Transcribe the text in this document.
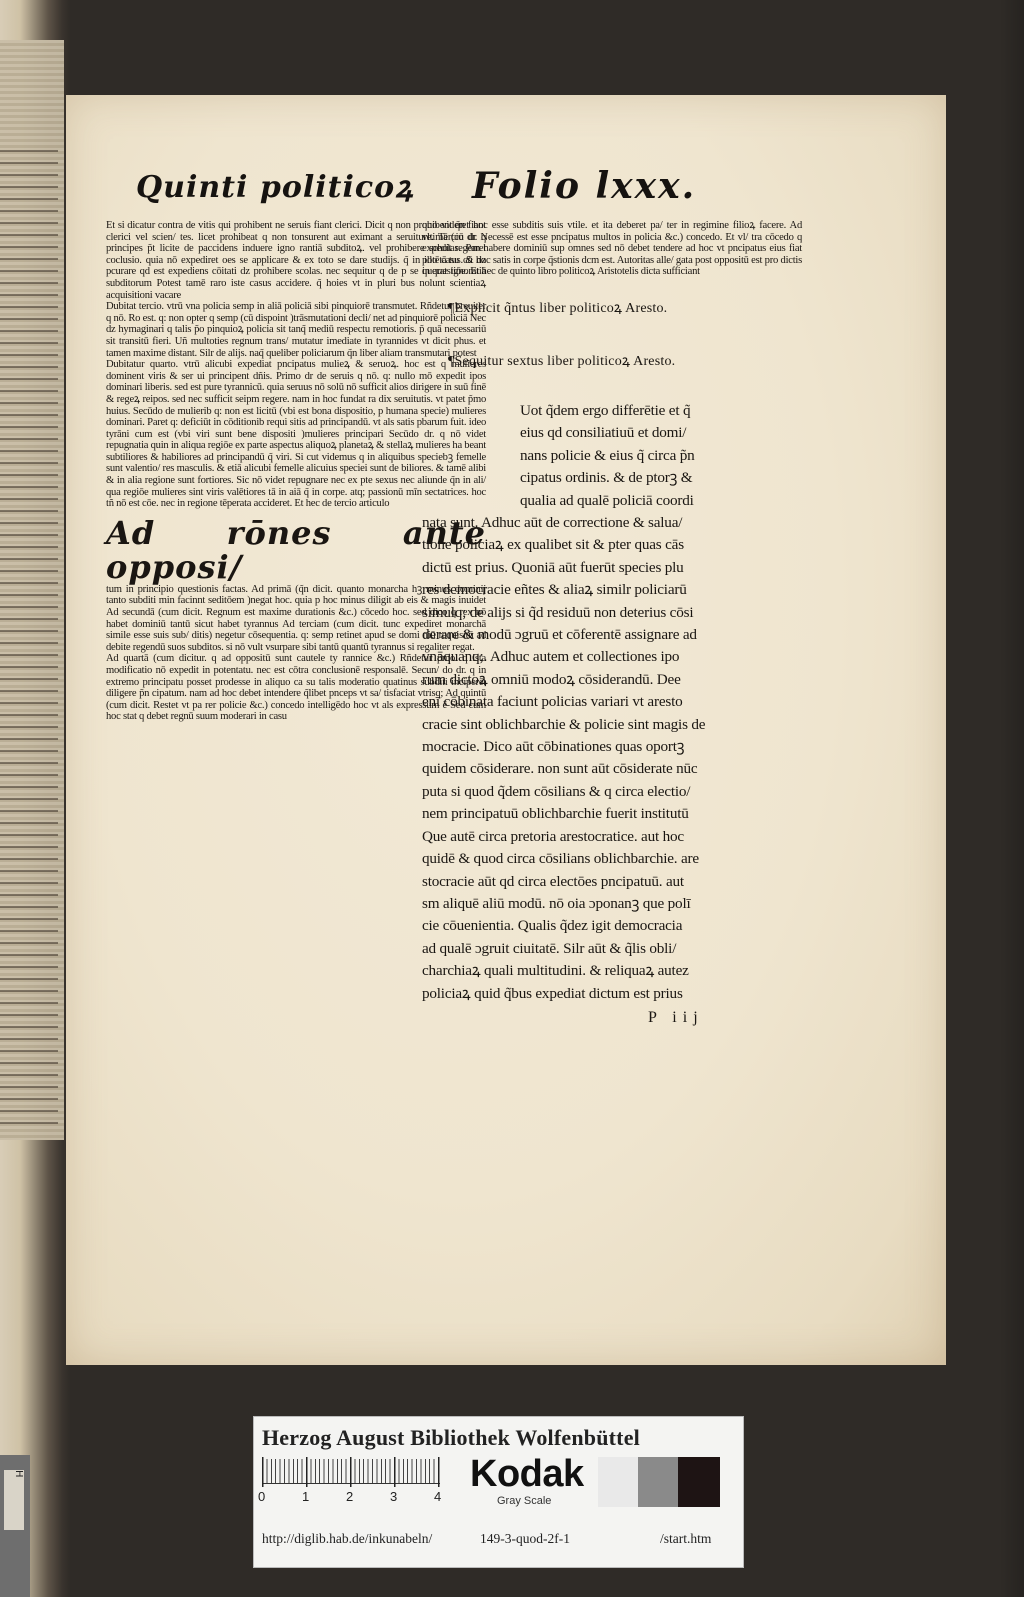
H
Quinti politicoꝝ Folio lxxx.

Et si dicatur contra de vitis qui prohibent ne seruis fiant clerici. Dicit q non prohibent q̃n fiant clerici vel scien/ tes. licet prohibeat q non tonsurent aut eximant a seruiture. Tercio dr q principes p̃t licite de paccidens induere igno rantiā subditoꝝ. vel prohibere scholas. Paret coclusio. quia nō expediret oes se applicare & ex toto se dare studijs. q̃ in illo casu cū dz pcurare qd est expediens cōitati dz prohibere scolas. nec sequitur q de p se querat ignoratiā subditorum Potest tamē raro iste casus accidere. q̃ hoies vt in pluri bus nolunt scientiaꝝ acquisitioni vacare

Dubitat tercio. vtrū vna policia semp in aliā policiā sibi pinquiorē transmutet. Rñdetur breuiter q nō. Ro est. q: non opter q semp (cū dispoint )trāsmutationi decli/ net ad pinquiorē policiā Nec dz hymaginari q talis p̃o pinquioꝝ policia sit tanq̃ mediū respectu remotioris. p̃ quā necessariū sit transitū fieri. Uñ multoties regnum trans/ mutatur imediate in tyrannides vt dicit phus. et tamen maxime distant. Silr de alijs. naq̃ queliber policiarum q̃n liber aliam transmutari potest

Dubitatur quarto. vtrū alicubi expediat pncipatus mulieꝝ & seruoꝝ. hoc est q mulieres dominent viris & ser ui principent dñis. Primo dr de seruis q nō. q: nullo mō expedit ipos dominari liberis. sed est pure tyrannicū. quia seruus nō solū nō sufficit alios dirigere in suū finē & regeꝝ reipos. sed nec sufficit seipm regere. nam in hoc fundat ra dix seruitutis. vt patet p̃mo huius. Secūdo de mulierib q: non est licitū (vbi est bona dispositio, p humana specie) mulieres dominari. Paret q: deficiūt in cōditionib requi sitis ad principandū. vt als satis pbarum fuit. ideo tyrāni cum est (vbi viri sunt bene dispositi )mulieres principari Secūdo dr. q nō videt repugnatia quin in aliqua regiōe ex parte aspectus aliquoꝝ planetaꝝ & stellaꝝ mulieres ha beant subtiliores & habiliores ad principandū q̃ viri. Si cut videmus q in aliquibus speciebꝫ femelle sunt valentio/ res masculis. & etiā alicubi femelle alicuius speciei sunt de biliores. & tamē alibi & in alia regione sunt fortiores. Sic nō videt repugnare nec ex pte sexus nec aliunde q̃n in ali/ qua regiōe mulieres sint viris valētiores tā in aiā q̃ in corpe. atq; passionū mīn sectatrices. hoc tñ nō est cōe. nec in regione tēperata accideret. Et hec de tercio articulo

Ad rōnes ante opposi/

tum in principio questionis factas. Ad primā (q̃n dicit. quanto monarcha hꝫ minus dominij tanto subditi min facinnt seditōem )negat hoc. quia p hoc minus diligit ab eis & magis inuidet Ad secundā (cum dicit. Regnum est maxime durationis &c.) cōcedo hoc. sed dico q rex nō habet dominiū tantū sicut habet tyrannus Ad terciam (cum dicit. tunc expediret monarchā simile esse suis sub/ ditis) negetur cōsequentia. q: semp retinet apud se domi niū requisitū ad debite regendū suos subditos. si nō vult vsurpare sibi tantū quantū tyrannus si regaliter regat.

Ad quartā (cum dicitur. q ad oppositū sunt cautele ty rannice &c.) Rñdetur p̃mo. q ista modificatio nō expedit in potentatu. nec est cōtra conclusionē responsalē. Secun/ do dr. q in extremo principatu posset prodesse in aliquo ca su talis moderatio quatinus subditi inciperēt diligere p̃n cipatum. nam ad hoc debet intendere q̃libet pnceps vt sa/ tisfaciat vtrisq; Ad quintū (cum dicit. Restet vt pa rer policie &c.) concedo intelligēdo hoc vt als expressum ē Sed cum hoc stat q debet regnū suum moderari in casu

quo videret hoc esse subditis suis vtile. et ita deberet pa/ ter in regimine filioꝝ facere. Ad vltimā (cū dr. Necessē est esse pncipatus multos in policia &c.) concedo. Et vl/ tra cōcedo q expedit regem habere dominiū sup omnes sed nō debet tendere ad hoc vt pncipatus eius fiat potētā tus. & hoc satis in corpe q̃stionis dcm est. Autoritas alle/ gata post oppositū est pro dictis in questiōe. Et hec de quinto libro politicoꝝ Aristotelis dicta sufficiant

¶Explicit q̃ntus liber politicoꝝ Aresto.
¶Sequitur sextus liber politicoꝝ Aresto.
Uot q̃dem ergo differētie et q̃
eius qd consiliatiuū et domi/
nans policie & eius q̃ circa p̃n
cipatus ordinis. & de ptorꝫ &
qualia ad qualē policiā coordi
nata sunt. Adhuc aūt de correctione & salua/
tione policiaꝝ ex qualibet sit & pter quas cās
dictū est prius. Quoniā aūt fuerūt species plu
res democracie eñtes & aliaꝝ similr policiarū
simulq; de alijs si q̃d residuū non deterius cōsi
derare & modū ɔgruū et cōferentē assignare ad
vnāquanq;. Adhuc autem et collectiones ipo
rum dictoꝝ omniū modoꝝ cōsiderandū. Dee
enī cōbinata faciunt policias variari vt aresto
cracie sint oblichbarchie & policie sint magis de
mocracie. Dico aūt cōbinationes quas oportꝫ
quidem cōsiderare. non sunt aūt cōsiderate nūc
puta si quod q̃dem cōsilians & q circa electio/
nem principatuū oblichbarchie fuerit institutū
Que autē circa pretoria arestocratice. aut hoc
quidē & quod circa cōsilians oblichbarchie. are
stocracie aūt qd circa electōes pncipatuū. aut
sm aliquē aliū modū. nō oia ɔponanꝫ que polī
cie cōuenientia. Qualis q̃dez igit democracia
ad qualē ɔgruit ciuitatē. Silr aūt & q̃lis obli/
charchiaꝝ quali multitudini. & reliquaꝝ autez
policiaꝝ quid q̃bus expediat dictum est prius
P iij
Herzog August Bibliothek Wolfenbüttel
0	1	2	3	4
Kodak
Gray Scale
http://diglib.hab.de/inkunabeln/	149-3-quod-2f-1	/start.htm
